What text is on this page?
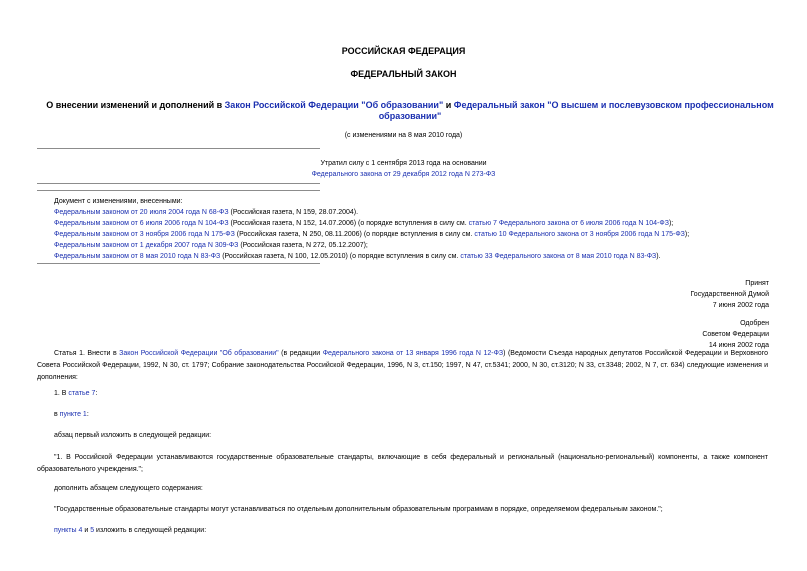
РОССИЙСКАЯ ФЕДЕРАЦИЯ
ФЕДЕРАЛЬНЫЙ ЗАКОН
О внесении изменений и дополнений в Закон Российской Федерации "Об образовании" и Федеральный закон "О высшем и послевузовском профессиональном образовании"
(с изменениями на 8 мая 2010 года)
Утратил силу с 1 сентября 2013 года на основании
Федерального закона от 29 декабря 2012 года N 273-ФЗ
Документ с изменениями, внесенными:
Федеральным законом от 20 июля 2004 года N 68-ФЗ (Российская газета, N 159, 28.07.2004).
Федеральным законом от 6 июля 2006 года N 104-ФЗ (Российская газета, N 152, 14.07.2006) (о порядке вступления в силу см. статью 7 Федерального закона от 6 июля 2006 года N 104-ФЗ);
Федеральным законом от 3 ноября 2006 года N 175-ФЗ (Российская газета, N 250, 08.11.2006) (о порядке вступления в силу см. статью 10 Федерального закона от 3 ноября 2006 года N 175-ФЗ);
Федеральным законом от 1 декабря 2007 года N 309-ФЗ (Российская газета, N 272, 05.12.2007);
Федеральным законом от 8 мая 2010 года N 83-ФЗ (Российская газета, N 100, 12.05.2010) (о порядке вступления в силу см. статью 33 Федерального закона от 8 мая 2010 года N 83-ФЗ).
Принят
Государственной Думой
7 июня 2002 года
Одобрен
Советом Федерации
14 июня 2002 года
Статья 1. Внести в Закон Российской Федерации "Об образовании" (в редакции Федерального закона от 13 января 1996 года N 12-ФЗ) (Ведомости Съезда народных депутатов Российской Федерации и Верховного Совета Российской Федерации, 1992, N 30, ст. 1797; Собрание законодательства Российской Федерации, 1996, N 3, ст.150; 1997, N 47, ст.5341; 2000, N 30, ст.3120; N 33, ст.3348; 2002, N 7, ст. 634) следующие изменения и дополнения:
1. В статье 7:
в пункте 1:
абзац первый изложить в следующей редакции:
"1. В Российской Федерации устанавливаются государственные образовательные стандарты, включающие в себя федеральный и региональный (национально-региональный) компоненты, а также компонент образовательного учреждения.";
дополнить абзацем следующего содержания:
"Государственные образовательные стандарты могут устанавливаться по отдельным дополнительным образовательным программам в порядке, определяемом федеральным законом.";
пункты 4 и 5 изложить в следующей редакции:
